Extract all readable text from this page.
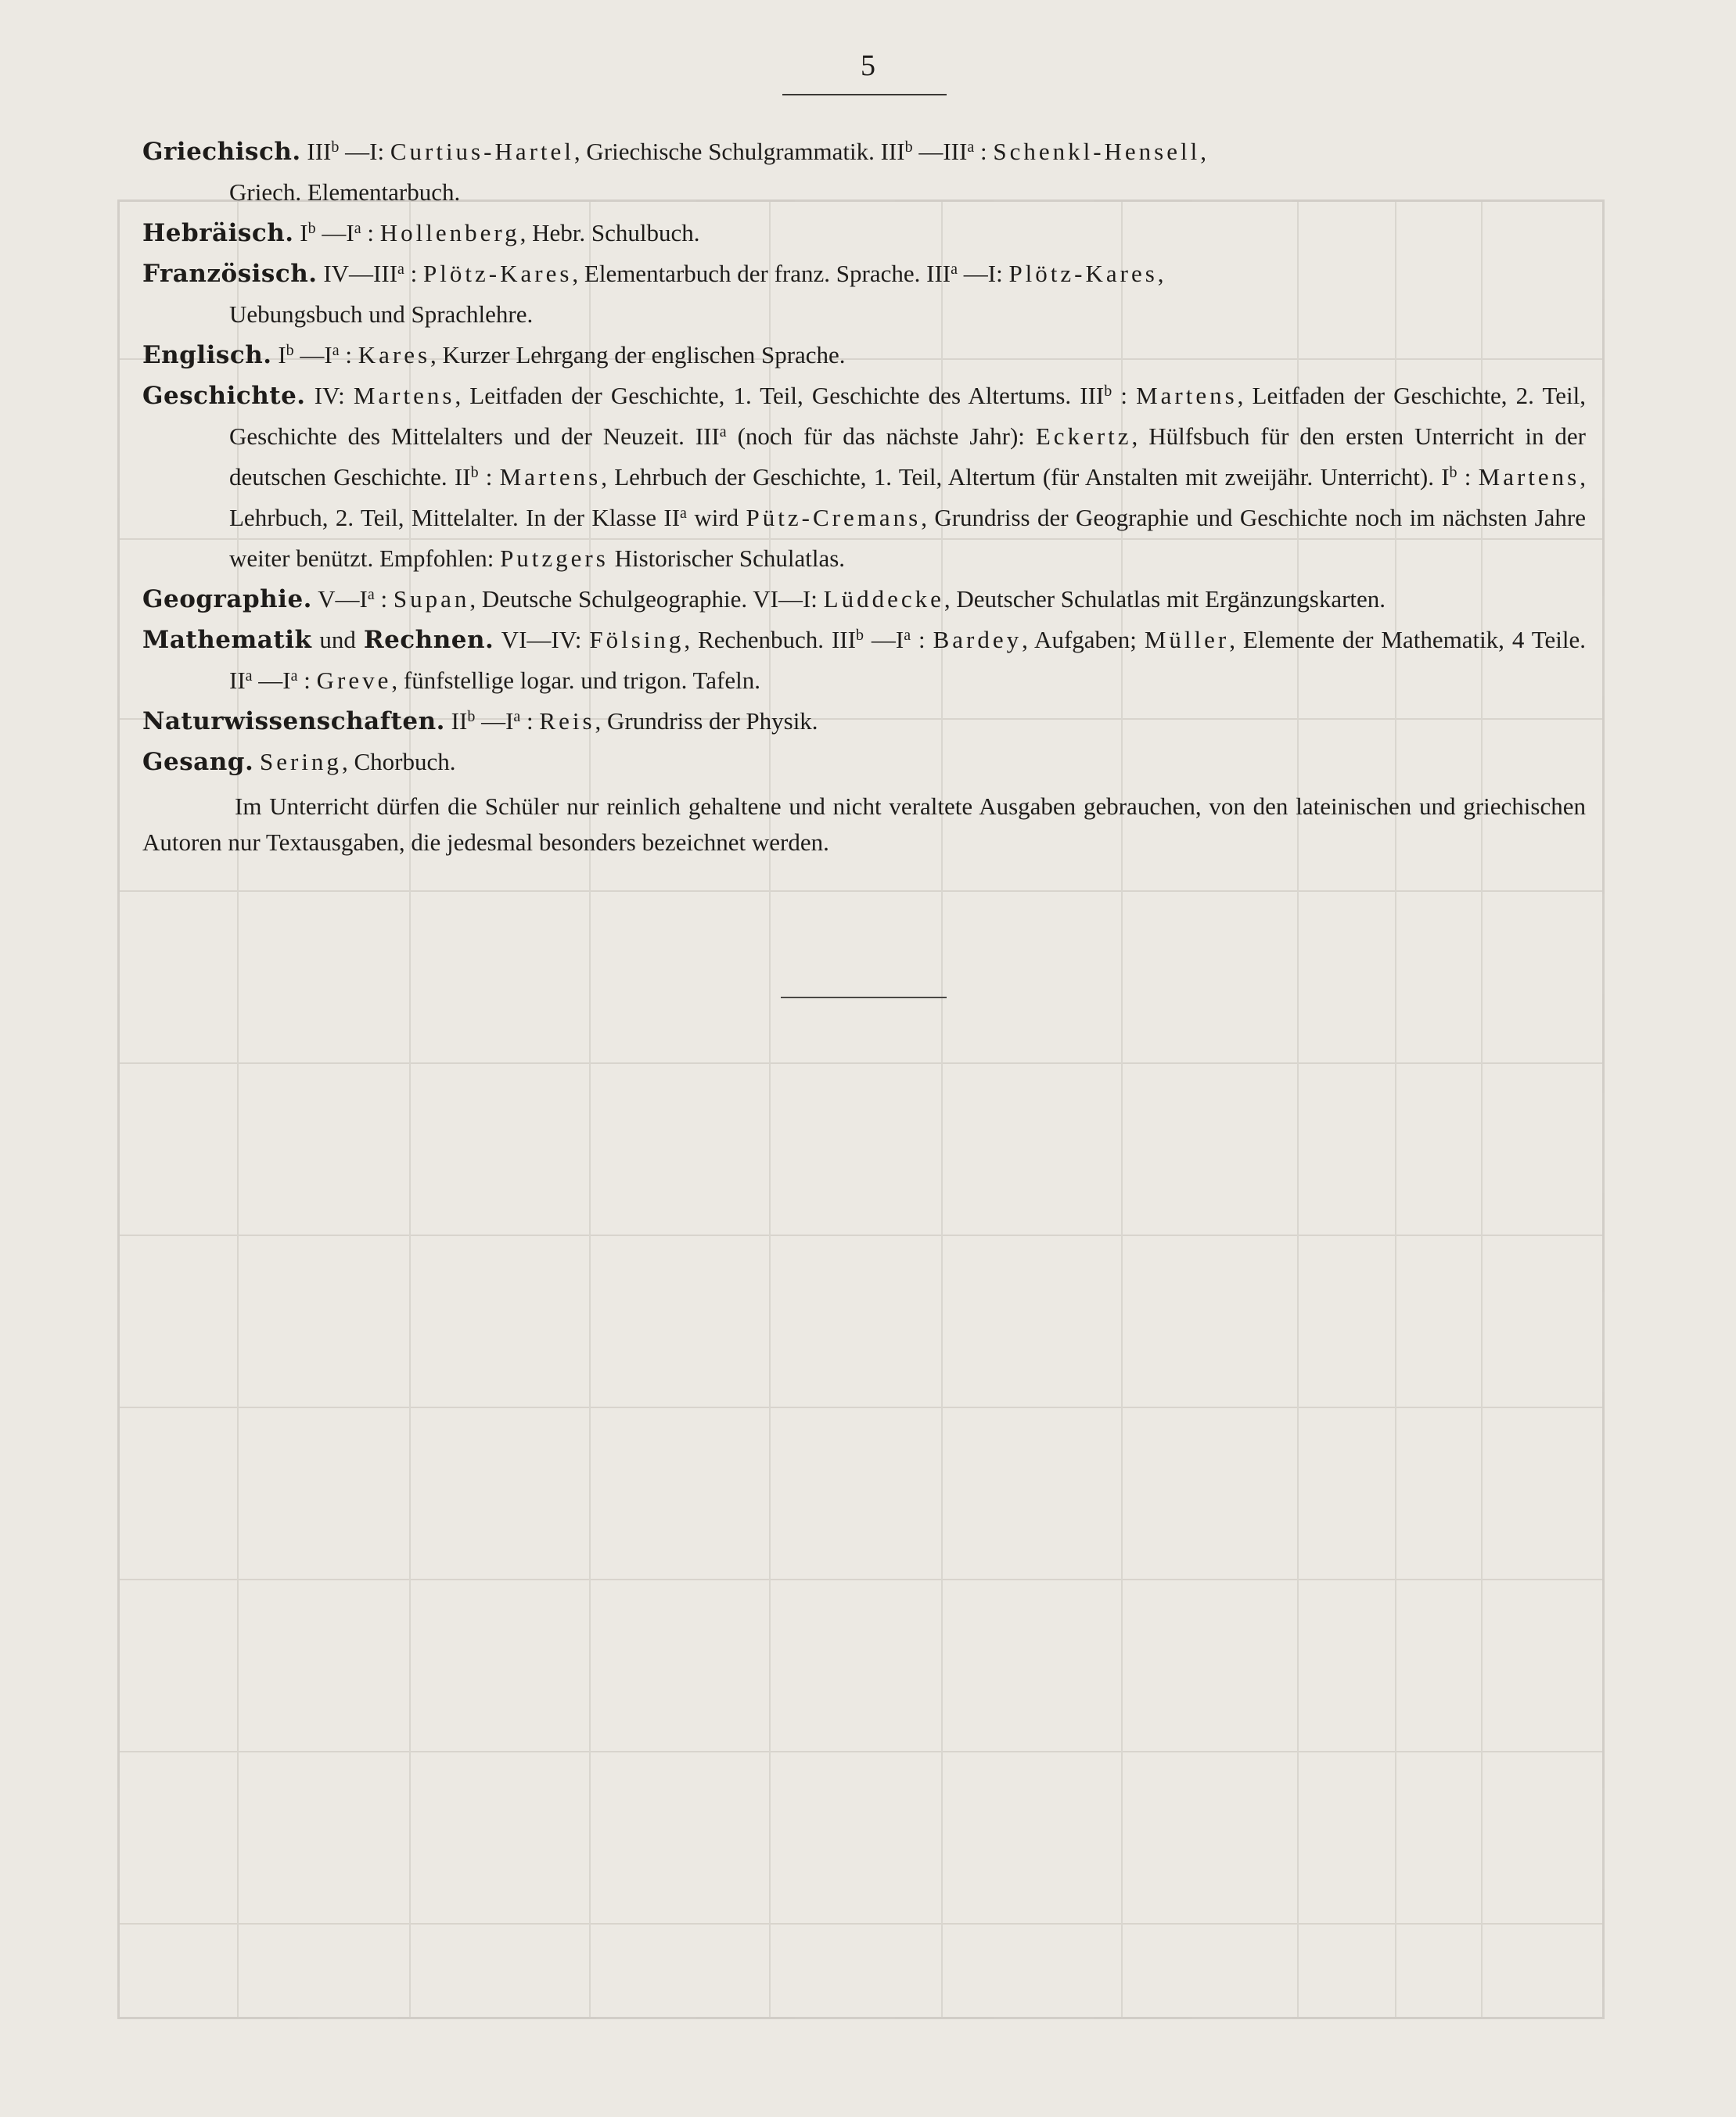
5
Griechisch. III$^b$ —I: Curtius-Hartel, Griechische Schulgrammatik. III$^b$ —III$^a$ : Schenkl-Hensell,
Griech. Elementarbuch.
Hebräisch. $I^b$ $—I^a$ : Hollenberg, Hebr. Schulbuch.
Französisch. IV—III$^a$ : Plötz-Kares, Elementarbuch der franz. Sprache. III$^a$ —I: Plötz-Kares,
Uebungsbuch und Sprachlehre.
Englisch. $I^b$ $—I^a$ : Kares, Kurzer Lehrgang der englischen Sprache.
Geschichte. IV: Martens, Leitfaden der Geschichte, 1. Teil, Geschichte des Altertums. III$^b$ : Martens, Leitfaden der Geschichte, 2. Teil, Geschichte des Mittelalters und der Neuzeit. III$^a$ (noch für das nächste Jahr): Eckertz, Hülfsbuch für den ersten Unterricht in der deutschen Geschichte. $II^b$ : Martens, Lehrbuch der Geschichte, 1. Teil, Altertum (für Anstalten mit zweijähr. Unterricht). $I^b$ : Martens, Lehrbuch, 2. Teil, Mittelalter. In der Klasse $II^a$ wird Pütz-Cremans, Grundriss der Geographie und Geschichte noch im nächsten Jahre weiter benützt. Empfohlen: Putzgers Historischer Schulatlas.
Geographie. $V—I^a$ : Supan, Deutsche Schulgeographie. VI—I: Lüddecke, Deutscher Schulatlas mit Ergänzungskarten.
Mathematik und Rechnen. VI—IV: Fölsing, Rechenbuch. III$^b$ $—I^a$ : Bardey, Aufgaben; Müller, Elemente der Mathematik, 4 Teile. $II^a$ $—I^a$ : Greve, fünfstellige logar. und trigon. Tafeln.
Naturwissenschaften. $II^b$ $—I^a$ : Reis, Grundriss der Physik.
Gesang. Sering, Chorbuch.
Im Unterricht dürfen die Schüler nur reinlich gehaltene und nicht veraltete Ausgaben gebrauchen, von den lateinischen und griechischen Autoren nur Textausgaben, die jedesmal besonders bezeichnet werden.
